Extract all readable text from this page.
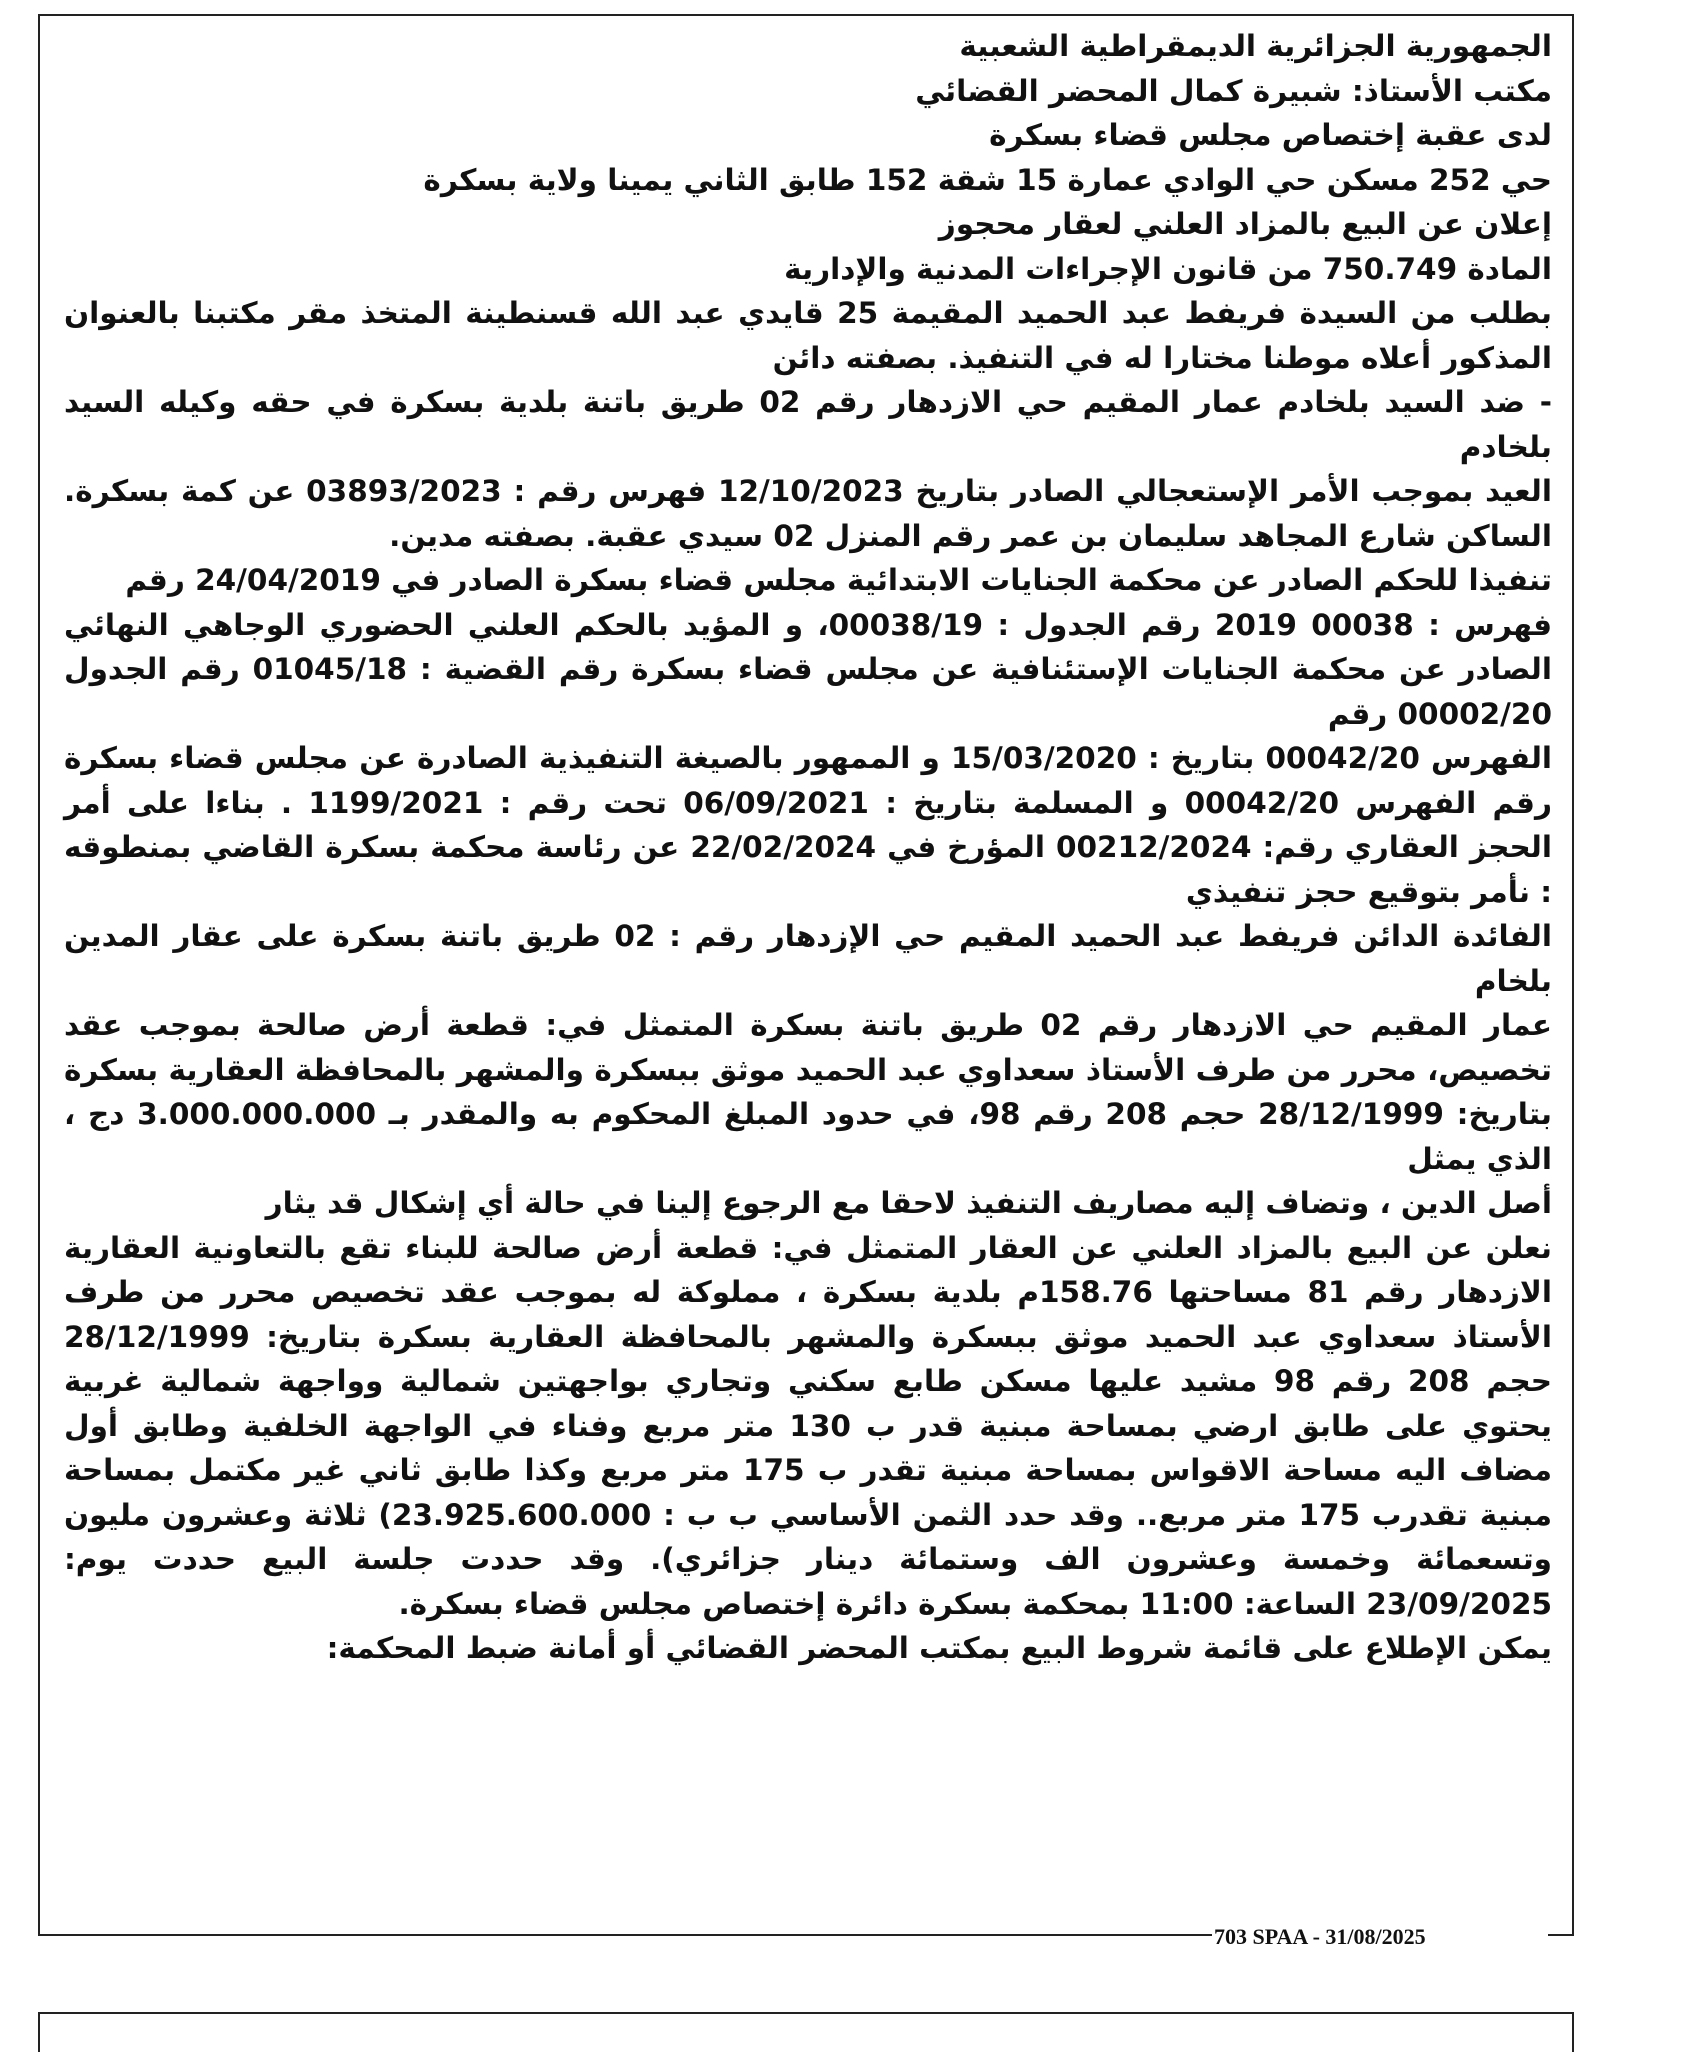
الجمهورية الجزائرية الديمقراطية الشعبية

مكتب الأستاذ: شبيرة كمال المحضر القضائي

لدى عقبة إختصاص مجلس قضاء بسكرة

حي 252 مسكن حي الوادي عمارة 15 شقة 152 طابق الثاني يمينا ولاية بسكرة

إعلان عن البيع بالمزاد العلني لعقار محجوز

المادة 750.749 من قانون الإجراءات المدنية والإدارية

بطلب من السيدة فريفط عبد الحميد المقيمة 25 قايدي عبد الله قسنطينة المتخذ مقر مكتبنا بالعنوان المذكور أعلاه موطنا مختارا له في التنفيذ. بصفته دائن

- ضد السيد بلخادم عمار المقيم حي الازدهار رقم 02 طريق باتنة بلدية بسكرة في حقه وكيله السيد بلخادم

العيد بموجب الأمر الإستعجالي الصادر بتاريخ 12/10/2023 فهرس رقم : 03893/2023 عن كمة بسكرة. الساكن شارع المجاهد سليمان بن عمر رقم المنزل 02 سيدي عقبة. بصفته مدين.

تنفيذا للحكم الصادر عن محكمة الجنايات الابتدائية مجلس قضاء بسكرة الصادر في 24/04/2019 رقم

فهرس : 00038 2019 رقم الجدول : 00038/19، و المؤيد بالحكم العلني الحضوري الوجاهي النهائي الصادر عن محكمة الجنايات الإستئنافية عن مجلس قضاء بسكرة رقم القضية : 01045/18 رقم الجدول 00002/20 رقم

الفهرس 00042/20 بتاريخ : 15/03/2020 و الممهور بالصيغة التنفيذية الصادرة عن مجلس قضاء بسكرة رقم الفهرس 00042/20 و المسلمة بتاريخ : 06/09/2021 تحت رقم : 1199/2021 . بناءا على أمر الحجز العقاري رقم: 00212/2024 المؤرخ في 22/02/2024 عن رئاسة محكمة بسكرة القاضي بمنطوقه : نأمر بتوقيع حجز تنفيذي

الفائدة الدائن فريفط عبد الحميد المقيم حي الإزدهار رقم : 02 طريق باتنة بسكرة على عقار المدين بلخام

عمار المقيم حي الازدهار رقم 02 طريق باتنة بسكرة المتمثل في: قطعة أرض صالحة بموجب عقد تخصيص، محرر من طرف الأستاذ سعداوي عبد الحميد موثق ببسكرة والمشهر بالمحافظة العقارية بسكرة بتاريخ: 28/12/1999 حجم 208 رقم 98، في حدود المبلغ المحكوم به والمقدر بـ 3.000.000.000 دج ، الذي يمثل

أصل الدين ، وتضاف إليه مصاريف التنفيذ لاحقا مع الرجوع إلينا في حالة أي إشكال قد يثار

نعلن عن البيع بالمزاد العلني عن العقار المتمثل في: قطعة أرض صالحة للبناء تقع بالتعاونية العقارية الازدهار رقم 81 مساحتها 158.76م بلدية بسكرة ، مملوكة له بموجب عقد تخصيص محرر من طرف الأستاذ سعداوي عبد الحميد موثق ببسكرة والمشهر بالمحافظة العقارية بسكرة بتاريخ: 28/12/1999 حجم 208 رقم 98 مشيد عليها مسكن طابع سكني وتجاري بواجهتين شمالية وواجهة شمالية غربية يحتوي على طابق ارضي بمساحة مبنية قدر ب 130 متر مربع وفناء في الواجهة الخلفية وطابق أول مضاف اليه مساحة الاقواس بمساحة مبنية تقدر ب 175 متر مربع وكذا طابق ثاني غير مكتمل بمساحة مبنية تقدرب 175 متر مربع.. وقد حدد الثمن الأساسي ب ب : 23.925.600.000) ثلاثة وعشرون مليون وتسعمائة وخمسة وعشرون الف وستمائة دينار جزائري). وقد حددت جلسة البيع حددت يوم: 23/09/2025 الساعة: 11:00 بمحكمة بسكرة دائرة إختصاص مجلس قضاء بسكرة.

يمكن الإطلاع على قائمة شروط البيع بمكتب المحضر القضائي أو أمانة ضبط المحكمة:

703 SPAA - 31/08/2025
